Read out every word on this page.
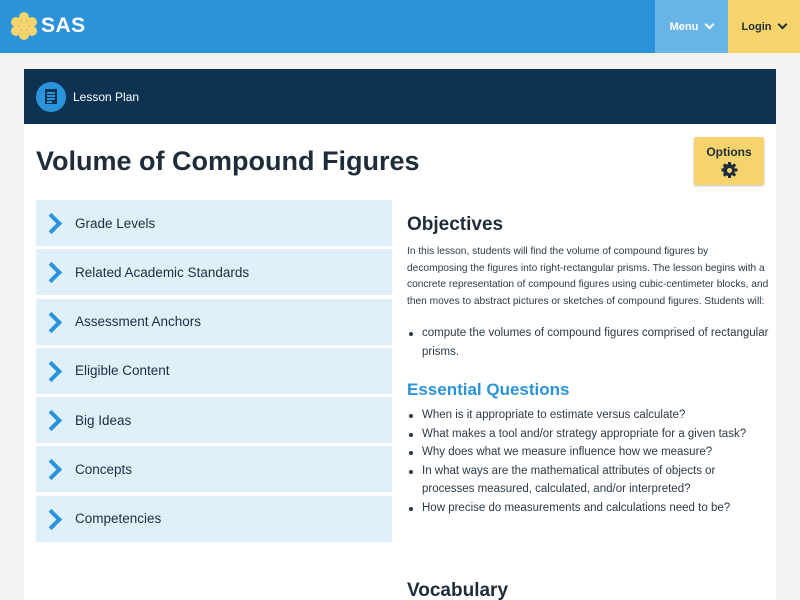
SAS	Menu	Login
Lesson Plan
Volume of Compound Figures	Options
Grade Levels
Related Academic Standards
Assessment Anchors
Eligible Content
Big Ideas
Concepts
Competencies
Objectives

In this lesson, students will find the volume of compound figures by decomposing the figures into right-rectangular prisms. The lesson begins with a concrete representation of compound figures using cubic-centimeter blocks, and then moves to abstract pictures or sketches of compound figures. Students will:

compute the volumes of compound figures comprised of rectangular prisms.
Essential Questions
When is it appropriate to estimate versus calculate?
What makes a tool and/or strategy appropriate for a given task?
Why does what we measure influence how we measure?
In what ways are the mathematical attributes of objects or processes measured, calculated, and/or interpreted?
How precise do measurements and calculations need to be?
Vocabulary
